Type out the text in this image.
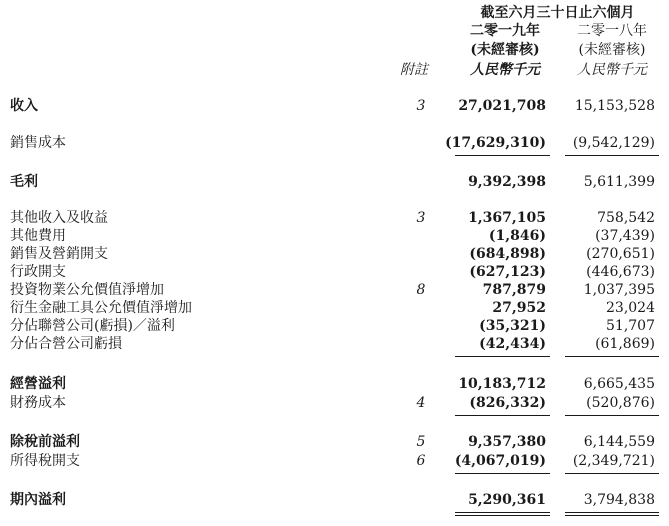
截至六月三十日止六個月
二零一九年	二零一八年
(未經審核)	(未經審核)
附註	人民幣千元	人民幣千元
收入	3	27,021,708 15,153,528
銷售成本	(17,629,310) (9,542,129)
毛利	9,392,398	5,611,399
其他收入及收益	3	1,367,105	758,542
其他費用	(1,846)	(37,439)
銷售及營銷開支	(684,898)	(270,651)
行政開支	(627,123)	(446,673)
投資物業公允價值淨增加	8	787,879	1,037,395
衍生金融工具公允價值淨增加	27,952	23,024
分佔聯營公司(虧損)／溢利	(35,321)	51,707
分佔合營公司虧損	(42,434)	(61,869)
經營溢利	10,183,712	6,665,435
財務成本	4	(826,332)	(520,876)
除稅前溢利	5	9,357,380	6,144,559
所得稅開支	6	(4,067,019) (2,349,721)
期內溢利	5,290,361	3,794,838
